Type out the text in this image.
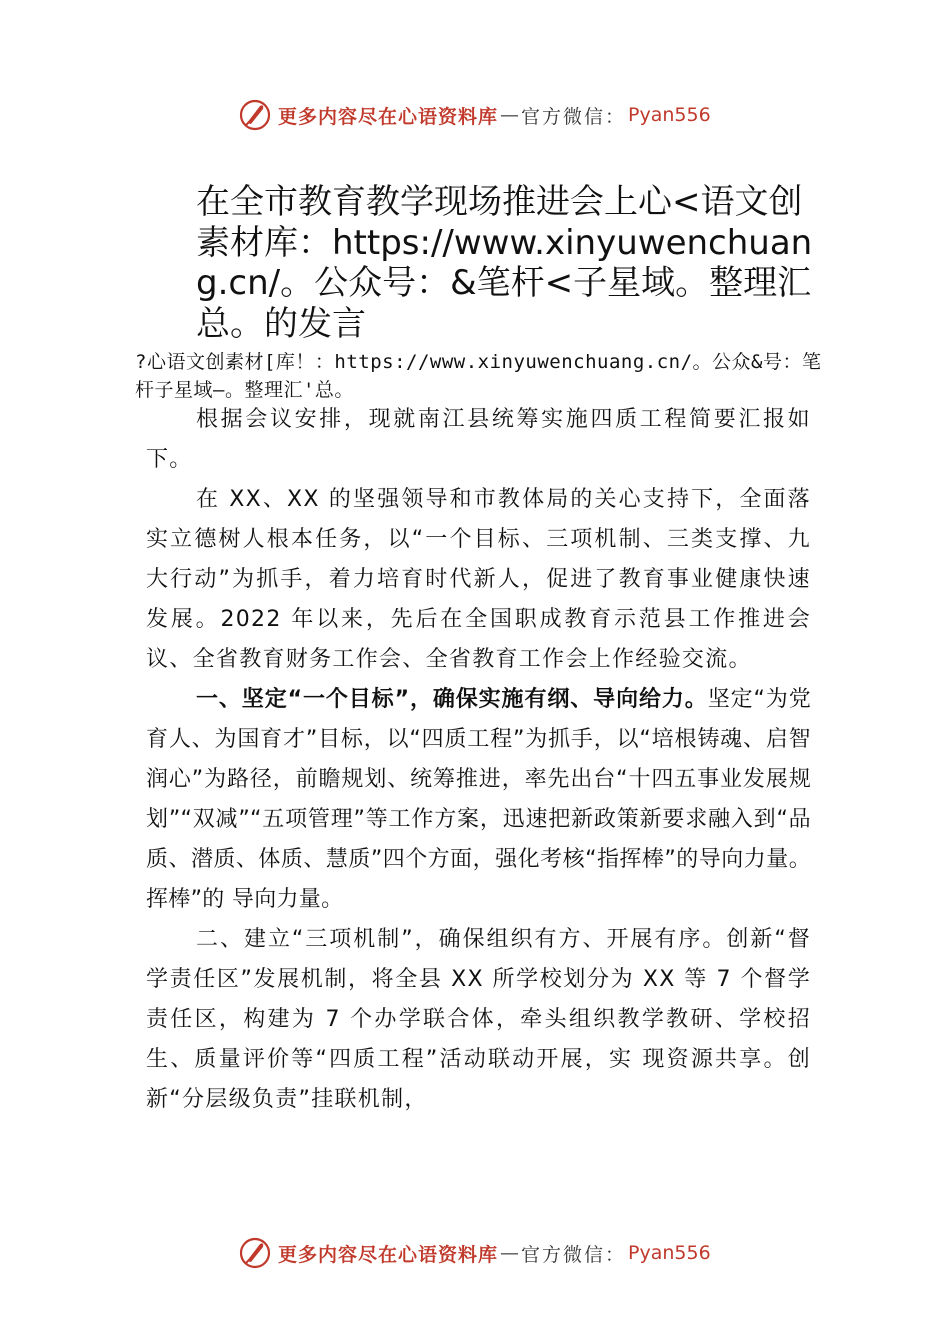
更多内容尽在心语资料库 — 官方微信： Pyan556
在全市教育教学现场推进会上心<语文创素材库：https://www.xinyuwenchuang.cn/。公众号：&笔杆<子星域。整理汇总。的发言
?心语文创素材[库！：https://www.xinyuwenchuang.cn/。公众&号：笔杆子星域—。整理汇'总。

根据会议安排，现就南江县统筹实施四质工程简要汇报如下。

在 XX、XX 的坚强领导和市教体局的关心支持下，全面落实立德树人根本任务，以“一个目标、三项机制、三类支撑、九大行动”为抓手，着力培育时代新人，促进了教育事业健康快速发展。2022 年以来，先后在全国职成教育示范县工作推进会议、全省教育财务工作会、全省教育工作会上作经验交流。

一、坚定“一个目标”，确保实施有纲、导向给力。坚定“为党育人、为国育才”目标，以“四质工程”为抓手，以“培根铸魂、启智润心”为路径，前瞻规划、统筹推进，率先出台“十四五事业发展规划”“双减”“五项管理”等工作方案，迅速把新政策新要求融入到“品质、潜质、体质、慧质”四个方面，强化考核“指挥棒”的导向力量。挥棒”的 导向力量。

二、建立“三项机制”，确保组织有方、开展有序。创新“督学责任区”发展机制，将全县 XX 所学校划分为 XX 等 7 个督学责任区，构建为 7 个办学联合体，牵头组织教学教研、学校招生、质量评价等“四质工程”活动联动开展，实 现资源共享。创新“分层级负责”挂联机制，

更多内容尽在心语资料库 — 官方微信： Pyan556
